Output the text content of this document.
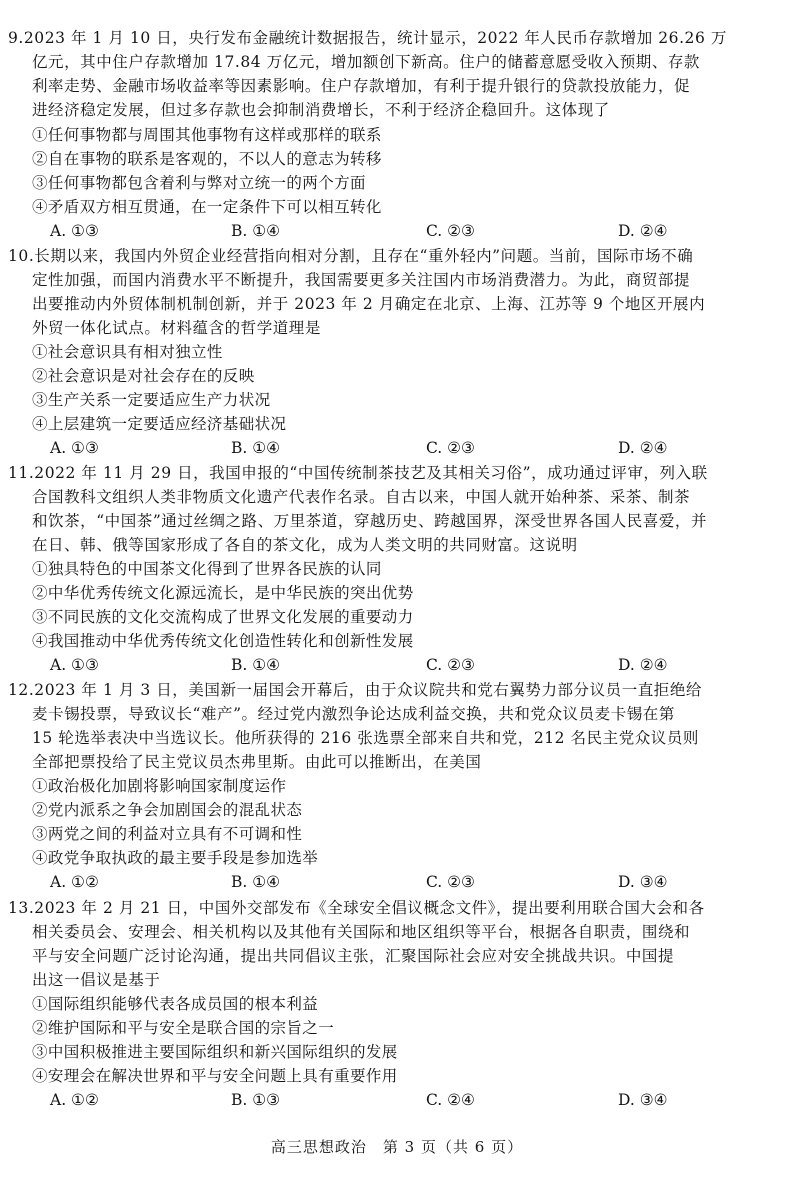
9.2023 年 1 月 10 日，央行发布金融统计数据报告，统计显示，2022 年人民币存款增加 26.26 万
亿元，其中住户存款增加 17.84 万亿元，增加额创下新高。住户的储蓄意愿受收入预期、存款
利率走势、金融市场收益率等因素影响。住户存款增加，有利于提升银行的贷款投放能力，促
进经济稳定发展，但过多存款也会抑制消费增长，不利于经济企稳回升。这体现了
①任何事物都与周围其他事物有这样或那样的联系
②自在事物的联系是客观的，不以人的意志为转移
③任何事物都包含着利与弊对立统一的两个方面
④矛盾双方相互贯通，在一定条件下可以相互转化
A. ①③	B. ①④	C. ②③	D. ②④
10.长期以来，我国内外贸企业经营指向相对分割，且存在“重外轻内”问题。当前，国际市场不确
定性加强，而国内消费水平不断提升，我国需要更多关注国内市场消费潜力。为此，商贸部提
出要推动内外贸体制机制创新，并于 2023 年 2 月确定在北京、上海、江苏等 9 个地区开展内
外贸一体化试点。材料蕴含的哲学道理是
①社会意识具有相对独立性
②社会意识是对社会存在的反映
③生产关系一定要适应生产力状况
④上层建筑一定要适应经济基础状况
A. ①③	B. ①④	C. ②③	D. ②④
11.2022 年 11 月 29 日，我国申报的“中国传统制茶技艺及其相关习俗”，成功通过评审，列入联
合国教科文组织人类非物质文化遗产代表作名录。自古以来，中国人就开始种茶、采茶、制茶
和饮茶，“中国茶”通过丝绸之路、万里茶道，穿越历史、跨越国界，深受世界各国人民喜爱，并
在日、韩、俄等国家形成了各自的茶文化，成为人类文明的共同财富。这说明
①独具特色的中国茶文化得到了世界各民族的认同
②中华优秀传统文化源远流长，是中华民族的突出优势
③不同民族的文化交流构成了世界文化发展的重要动力
④我国推动中华优秀传统文化创造性转化和创新性发展
A. ①③	B. ①④	C. ②③	D. ②④
12.2023 年 1 月 3 日，美国新一届国会开幕后，由于众议院共和党右翼势力部分议员一直拒绝给
麦卡锡投票，导致议长“难产”。经过党内激烈争论达成利益交换，共和党众议员麦卡锡在第
15 轮选举表决中当选议长。他所获得的 216 张选票全部来自共和党，212 名民主党众议员则
全部把票投给了民主党议员杰弗里斯。由此可以推断出，在美国
①政治极化加剧将影响国家制度运作
②党内派系之争会加剧国会的混乱状态
③两党之间的利益对立具有不可调和性
④政党争取执政的最主要手段是参加选举
A. ①②	B. ①④	C. ②③	D. ③④
13.2023 年 2 月 21 日，中国外交部发布《全球安全倡议概念文件》，提出要利用联合国大会和各
相关委员会、安理会、相关机构以及其他有关国际和地区组织等平台，根据各自职责，围绕和
平与安全问题广泛讨论沟通，提出共同倡议主张，汇聚国际社会应对安全挑战共识。中国提
出这一倡议是基于
①国际组织能够代表各成员国的根本利益
②维护国际和平与安全是联合国的宗旨之一
③中国积极推进主要国际组织和新兴国际组织的发展
④安理会在解决世界和平与安全问题上具有重要作用
A. ①②	B. ①③	C. ②④	D. ③④
高三思想政治　第 3 页（共 6 页）
